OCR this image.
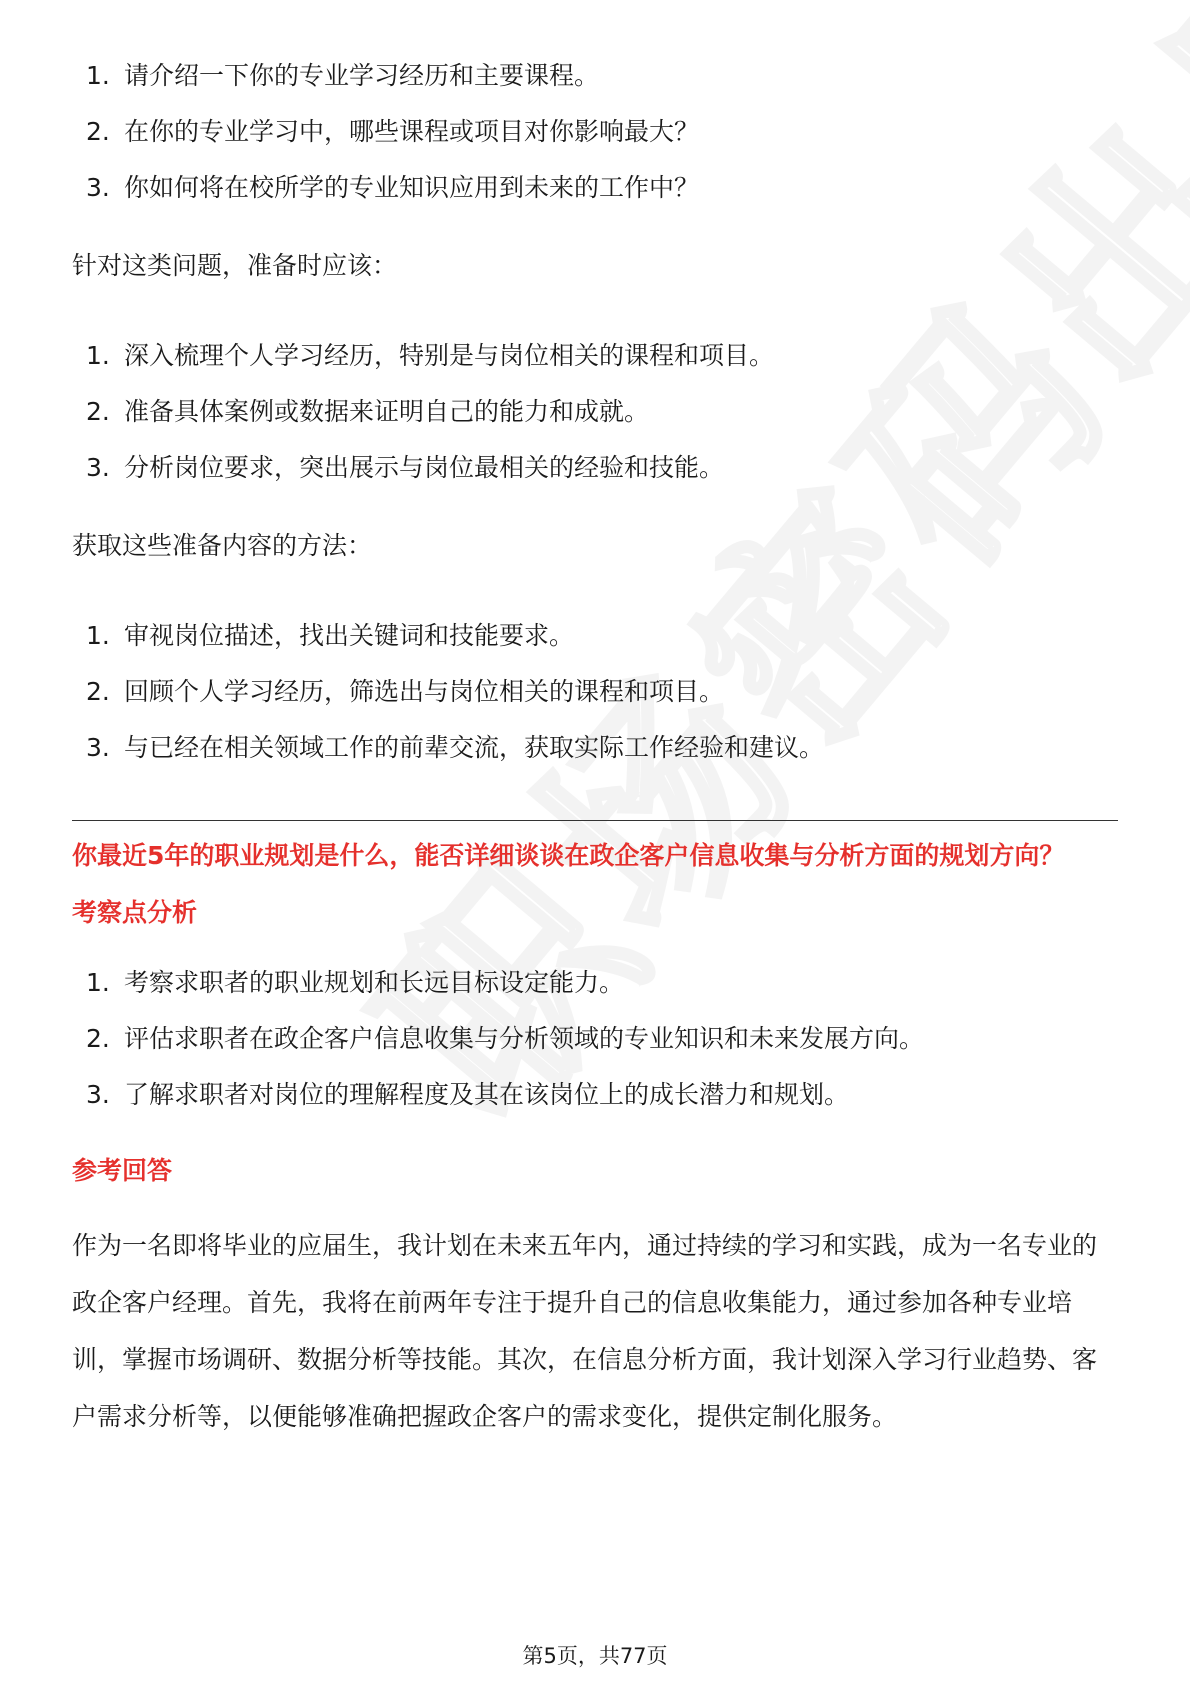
1. 请介绍一下你的专业学习经历和主要课程。
2. 在你的专业学习中，哪些课程或项目对你影响最大？
3. 你如何将在校所学的专业知识应用到未来的工作中？

针对这类问题，准备时应该：

1. 深入梳理个人学习经历，特别是与岗位相关的课程和项目。
2. 准备具体案例或数据来证明自己的能力和成就。
3. 分析岗位要求，突出展示与岗位最相关的经验和技能。

获取这些准备内容的方法：

1. 审视岗位描述，找出关键词和技能要求。
2. 回顾个人学习经历，筛选出与岗位相关的课程和项目。
3. 与已经在相关领域工作的前辈交流，获取实际工作经验和建议。

你最近5年的职业规划是什么，能否详细谈谈在政企客户信息收集与分析方面的规划方向？

考察点分析

1. 考察求职者的职业规划和长远目标设定能力。
2. 评估求职者在政企客户信息收集与分析领域的专业知识和未来发展方向。
3. 了解求职者对岗位的理解程度及其在该岗位上的成长潜力和规划。

参考回答

作为一名即将毕业的应届生，我计划在未来五年内，通过持续的学习和实践，成为一名专业的政企客户经理。首先，我将在前两年专注于提升自己的信息收集能力，通过参加各种专业培训，掌握市场调研、数据分析等技能。其次，在信息分析方面，我计划深入学习行业趋势、客户需求分析等，以便能够准确把握政企客户的需求变化，提供定制化服务。

第5页，共77页
